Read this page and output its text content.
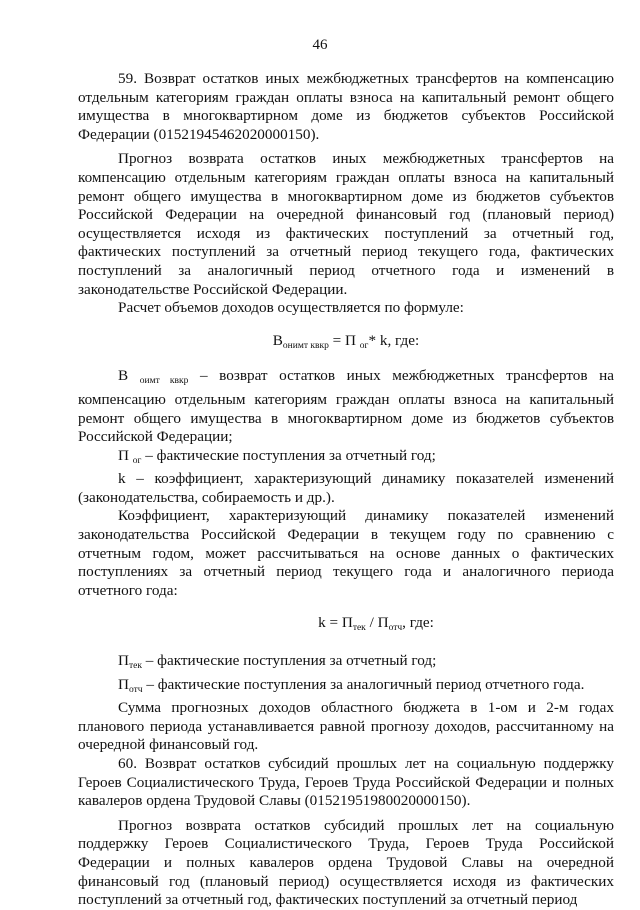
46

59. Возврат остатков иных межбюджетных трансфертов на компенсацию отдельным категориям граждан оплаты взноса на капитальный ремонт общего имущества в многоквартирном доме из бюджетов субъектов Российской Федерации (01521945462020000150).

Прогноз возврата остатков иных межбюджетных трансфертов на компенсацию отдельным категориям граждан оплаты взноса на капитальный ремонт общего имущества в многоквартирном доме из бюджетов субъектов Российской Федерации на очередной финансовый год (плановый период) осуществляется исходя из фактических поступлений за отчетный год, фактических поступлений за отчетный период текущего года, фактических поступлений за аналогичный период отчетного года и изменений в законодательстве Российской Федерации.

Расчет объемов доходов осуществляется по формуле:

$В_{онимт квкр} = П$ $_{ог}$* k, где:

В $_{оимт квкр}$ – возврат остатков иных межбюджетных трансфертов на компенсацию отдельным категориям граждан оплаты взноса на капитальный ремонт общего имущества в многоквартирном доме из бюджетов субъектов Российской Федерации;

П $_{ог}$ – фактические поступления за отчетный год;

k – коэффициент, характеризующий динамику показателей изменений (законодательства, собираемость и др.).

Коэффициент, характеризующий динамику показателей изменений законодательства Российской Федерации в текущем году по сравнению с отчетным годом, может рассчитываться на основе данных о фактических поступлениях за отчетный период текущего года и аналогичного периода отчетного года:

$k = П_{тек} / П_{отч}$, где:

$П_{тек}$ – фактические поступления за отчетный год;

$П_{отч}$ – фактические поступления за аналогичный период отчетного года.

Сумма прогнозных доходов областного бюджета в 1-ом и 2-м годах планового периода устанавливается равной прогнозу доходов, рассчитанному на очередной финансовый год.

60. Возврат остатков субсидий прошлых лет на социальную поддержку Героев Социалистического Труда, Героев Труда Российской Федерации и полных кавалеров ордена Трудовой Славы (01521951980020000150).

Прогноз возврата остатков субсидий прошлых лет на социальную поддержку Героев Социалистического Труда, Героев Труда Российской Федерации и полных кавалеров ордена Трудовой Славы на очередной финансовый год (плановый период) осуществляется исходя из фактических поступлений за отчетный год, фактических поступлений за отчетный период
